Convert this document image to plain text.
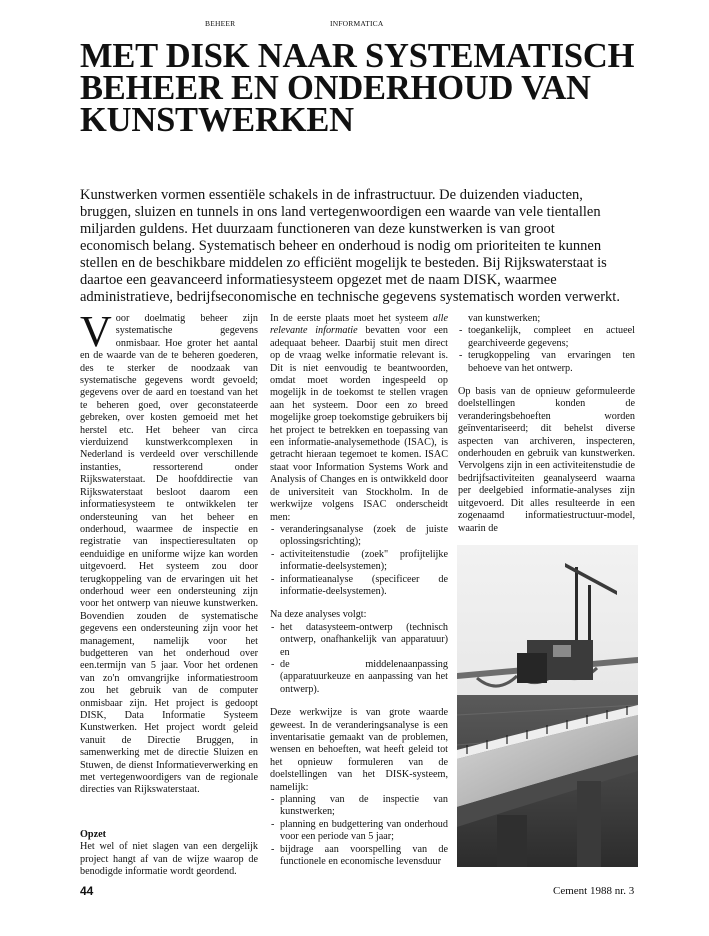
BEHEER	INFORMATICA
MET DISK NAAR SYSTEMATISCH BEHEER EN ONDERHOUD VAN KUNSTWERKEN

Kunstwerken vormen essentiële schakels in de infrastructuur. De duizenden viaducten, bruggen, sluizen en tunnels in ons land vertegenwoordigen een waarde van vele tientallen miljarden guldens. Het duurzaam functioneren van deze kunstwerken is van groot economisch belang. Systematisch beheer en onderhoud is nodig om prioriteiten te kunnen stellen en de beschikbare middelen zo efficiënt mogelijk te besteden. Bij Rijkswaterstaat is daartoe een geavanceerd informatiesysteem opgezet met de naam DISK, waarmee administratieve, bedrijfseconomische en technische gegevens systematisch worden verwerkt.

Voor doelmatig beheer zijn systematische gegevens onmisbaar. Hoe groter het aantal en de waarde van de te beheren goederen, des te sterker de noodzaak van systematische gegevens wordt gevoeld; gegevens over de aard en toestand van het te beheren goed, over geconstateerde gebreken, over kosten gemoeid met het herstel etc. Het beheer van circa vierduizend kunstwerkcomplexen in Nederland is verdeeld over verschillende instanties, ressorterend onder Rijkswaterstaat. De hoofddirectie van Rijkswaterstaat besloot daarom een informatiesysteem te ontwikkelen ter ondersteuning van het beheer en onderhoud, waarmee de inspectie en registratie van inspectieresultaten op eenduidige en uniforme wijze kan worden uitgevoerd. Het systeem zou door terugkoppeling van de ervaringen uit het onderhoud weer een ondersteuning zijn voor het ontwerp van nieuwe kunstwerken. Bovendien zouden de systematische gegevens een ondersteuning zijn voor het management, namelijk voor het budgetteren van het onderhoud over een.termijn van 5 jaar. Voor het ordenen van zo'n omvangrijke informatiestroom zou het gebruik van de computer onmisbaar zijn. Het project is gedoopt DISK, Data Informatie Systeem Kunstwerken. Het project wordt geleid vanuit de Directie Bruggen, in samenwerking met de directie Sluizen en Stuwen, de dienst Informatieverwerking en met vertegenwoordigers van de regionale directies van Rijkswaterstaat.

Opzet

Het wel of niet slagen van een dergelijk project hangt af van de wijze waarop de benodigde informatie wordt geordend.

In de eerste plaats moet het systeem alle relevante informatie bevatten voor een adequaat beheer. Daarbij stuit men direct op de vraag welke informatie relevant is. Dit is niet eenvoudig te beantwoorden, omdat moet worden ingespeeld op mogelijk in de toekomst te stellen vragen aan het systeem. Door een zo breed mogelijke groep toekomstige gebruikers bij het project te betrekken en toepassing van een informatie-analysemethode (ISAC), is getracht hieraan tegemoet te komen. ISAC staat voor Information Systems Work and Analysis of Changes en is ontwikkeld door de universiteit van Stockholm. In de werkwijze volgens ISAC onderscheidt men:

- veranderingsanalyse (zoek de juiste oplossingsrichting);
- activiteitenstudie (zoek" profijtelijke informatie-deelsystemen);
- informatieanalyse (specificeer de informatie-deelsystemen).

Na deze analyses volgt:

- het datasysteem-ontwerp (technisch ontwerp, onafhankelijk van apparatuur) en
- de middelenaanpassing (apparatuurkeuze en aanpassing van het ontwerp).

Deze werkwijze is van grote waarde geweest. In de veranderingsanalyse is een inventarisatie gemaakt van de problemen, wensen en behoeften, wat heeft geleid tot het opnieuw formuleren van de doelstellingen van het DISK-systeem, namelijk:

- planning van de inspectie van kunstwerken;
- planning en budgettering van onderhoud voor een periode van 5 jaar;
- bijdrage aan voorspelling van de functionele en economische levensduur

van kunstwerken;

- toegankelijk, compleet en actueel gearchiveerde gegevens;
- terugkoppeling van ervaringen ten behoeve van het ontwerp.

Op basis van de opnieuw geformuleerde doelstellingen konden de veranderingsbehoeften worden geïnventariseerd; dit behelst diverse aspecten van archiveren, inspecteren, onderhouden en gebruik van kunstwerken. Vervolgens zijn in een activiteitenstudie de bedrijfsactiviteiten geanalyseerd waarna per deelgebied informatie-analyses zijn uitgevoerd. Dit alles resulteerde in een zogenaamd informatiestructuur-model, waarin de

44	Cement 1988 nr. 3
